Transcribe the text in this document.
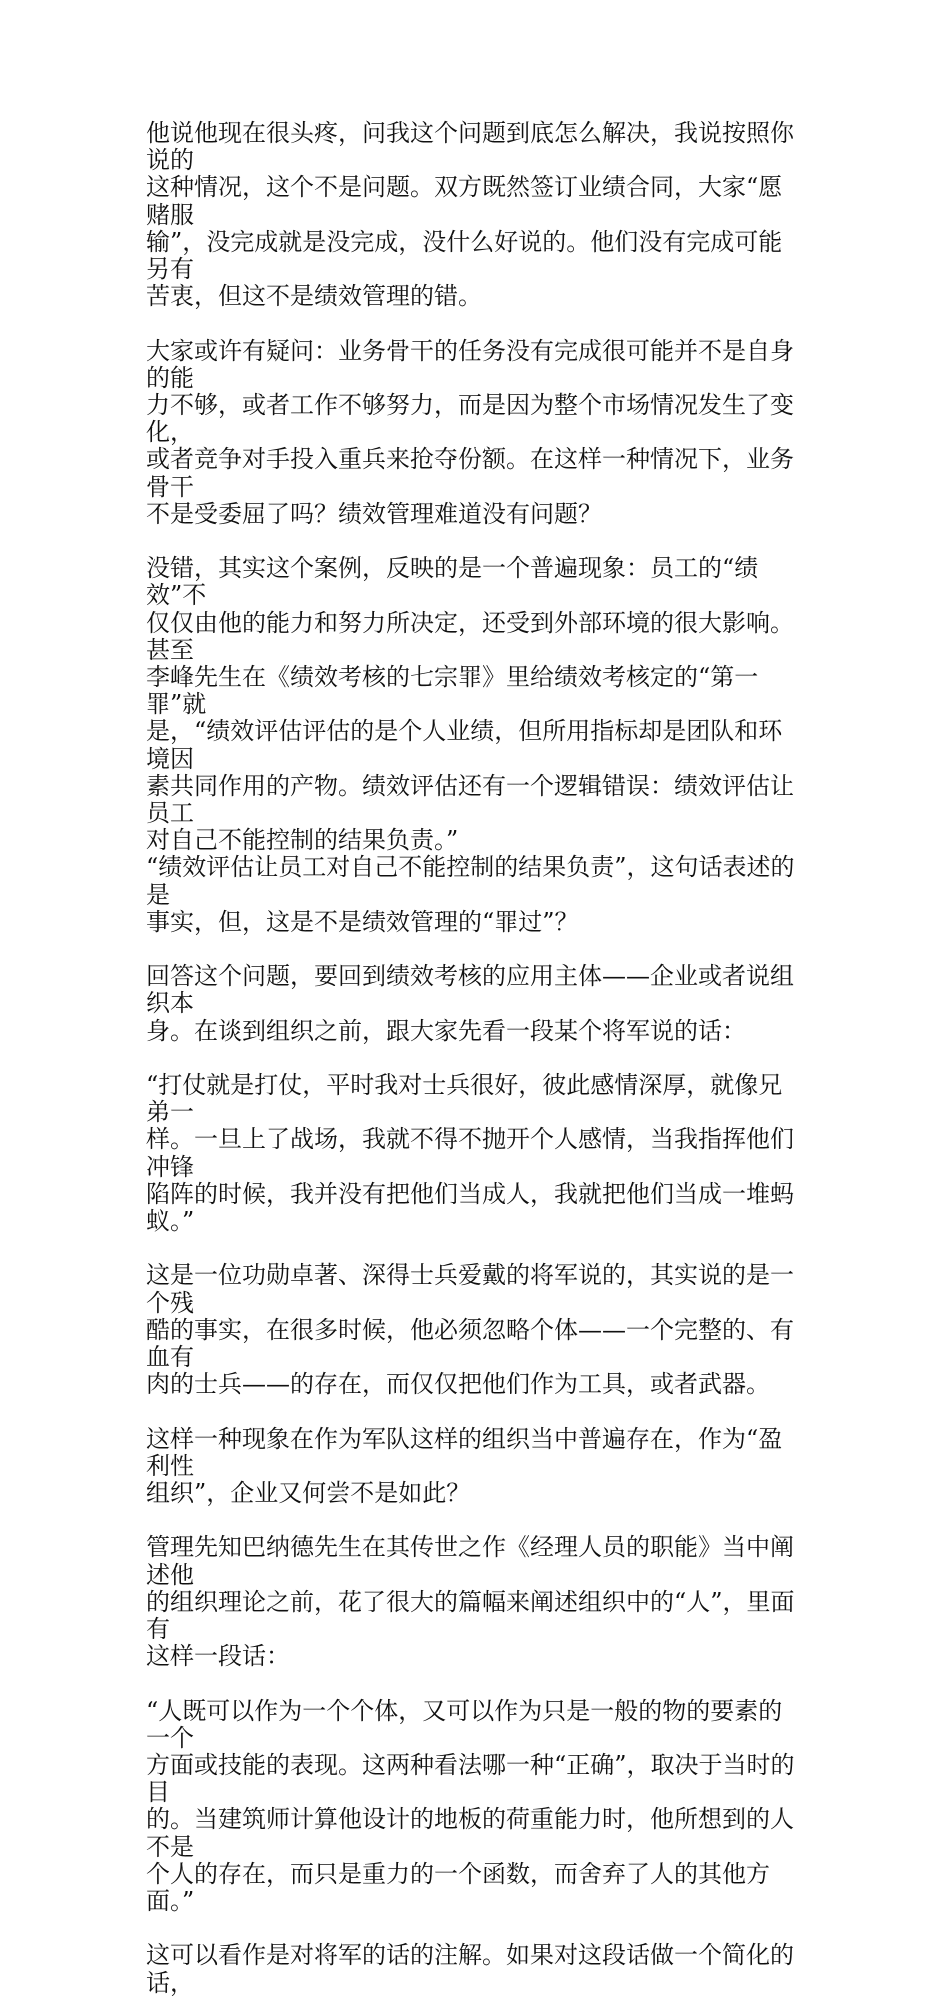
他说他现在很头疼，问我这个问题到底怎么解决，我说按照你说的
这种情况，这个不是问题。双方既然签订业绩合同，大家“愿赌服
输”，没完成就是没完成，没什么好说的。他们没有完成可能另有
苦衷，但这不是绩效管理的错。

大家或许有疑问：业务骨干的任务没有完成很可能并不是自身的能
力不够，或者工作不够努力，而是因为整个市场情况发生了变化，
或者竞争对手投入重兵来抢夺份额。在这样一种情况下，业务骨干
不是受委屈了吗？绩效管理难道没有问题？

没错，其实这个案例，反映的是一个普遍现象：员工的“绩效”不
仅仅由他的能力和努力所决定，还受到外部环境的很大影响。甚至
李峰先生在《绩效考核的七宗罪》里给绩效考核定的“第一罪”就
是，“绩效评估评估的是个人业绩，但所用指标却是团队和环境因
素共同作用的产物。绩效评估还有一个逻辑错误：绩效评估让员工
对自己不能控制的结果负责。”
“绩效评估让员工对自己不能控制的结果负责”，这句话表述的是
事实，但，这是不是绩效管理的“罪过”？

回答这个问题，要回到绩效考核的应用主体——企业或者说组织本
身。在谈到组织之前，跟大家先看一段某个将军说的话：

“打仗就是打仗，平时我对士兵很好，彼此感情深厚，就像兄弟一
样。一旦上了战场，我就不得不抛开个人感情，当我指挥他们冲锋
陷阵的时候，我并没有把他们当成人，我就把他们当成一堆蚂
蚁。”

这是一位功勋卓著、深得士兵爱戴的将军说的，其实说的是一个残
酷的事实，在很多时候，他必须忽略个体——一个完整的、有血有
肉的士兵——的存在，而仅仅把他们作为工具，或者武器。

这样一种现象在作为军队这样的组织当中普遍存在，作为“盈利性
组织”，企业又何尝不是如此？

管理先知巴纳德先生在其传世之作《经理人员的职能》当中阐述他
的组织理论之前，花了很大的篇幅来阐述组织中的“人”，里面有
这样一段话：

“人既可以作为一个个体，又可以作为只是一般的物的要素的一个
方面或技能的表现。这两种看法哪一种“正确”，取决于当时的目
的。当建筑师计算他设计的地板的荷重能力时，他所想到的人不是
个人的存在，而只是重力的一个函数，而舍弃了人的其他方面。”

这可以看作是对将军的话的注解。如果对这段话做一个简化的话，
